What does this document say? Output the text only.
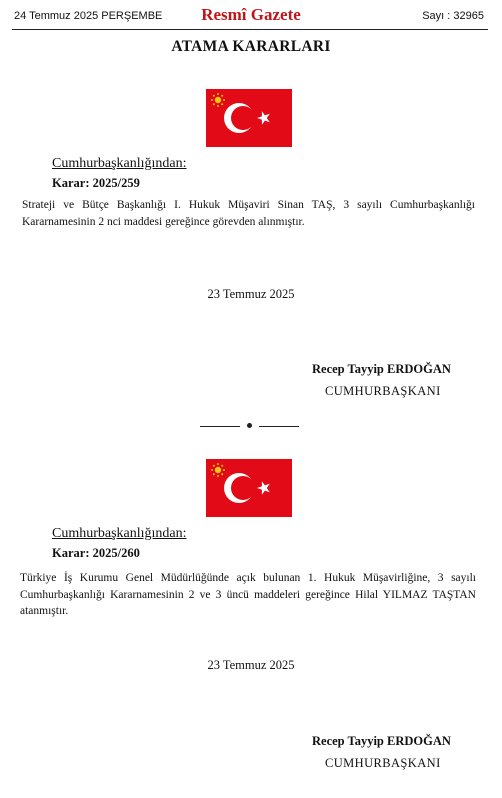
24 Temmuz 2025 PERŞEMBE	Resmî Gazete	Sayı : 32965
ATAMA KARARLARI
Cumhurbaşkanlığından:
Karar: 2025/259
Strateji ve Bütçe Başkanlığı I. Hukuk Müşaviri Sinan TAŞ, 3 sayılı Cumhurbaşkanlığı Kararnamesinin 2 nci maddesi gereğince görevden alınmıştır.
23 Temmuz 2025
Recep Tayyip ERDOĞAN
CUMHURBAŞKANI
Cumhurbaşkanlığından:
Karar: 2025/260
Türkiye İş Kurumu Genel Müdürlüğünde açık bulunan 1. Hukuk Müşavirliğine, 3 sayılı Cumhurbaşkanlığı Kararnamesinin 2 ve 3 üncü maddeleri gereğince Hilal YILMAZ TAŞTAN atanmıştır.
23 Temmuz 2025
Recep Tayyip ERDOĞAN
CUMHURBAŞKANI
